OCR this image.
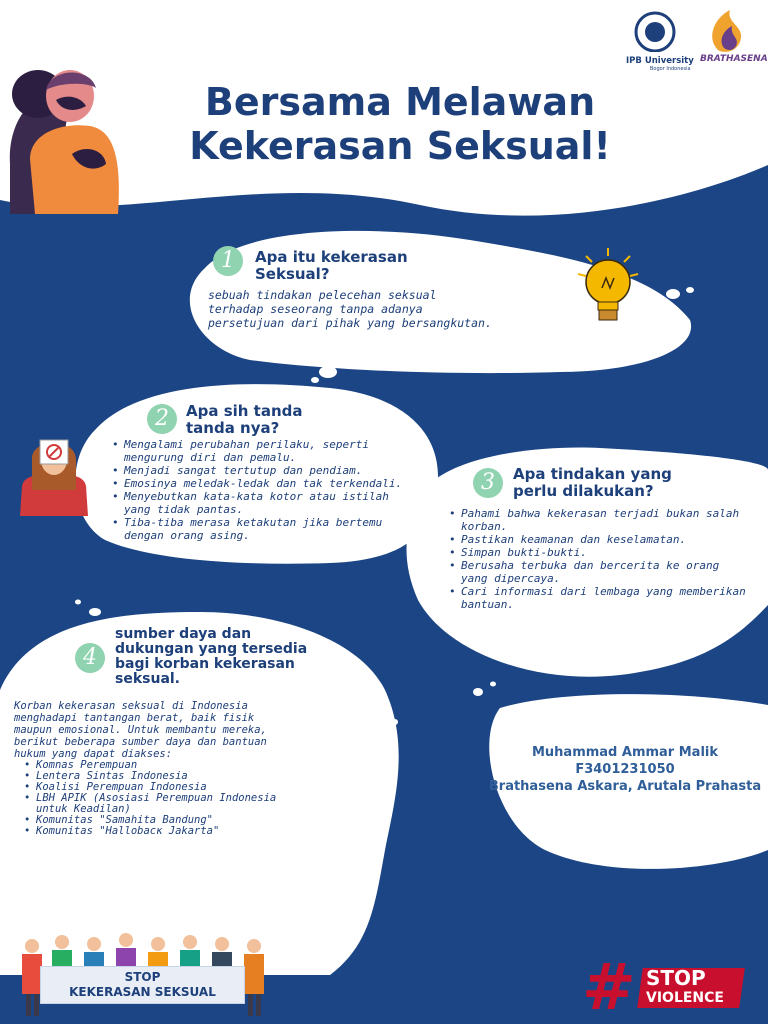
IPB University
Bogor Indonesia
BRATHASENA
Bersama Melawan
Kekerasan Seksual!
1	Apa itu kekerasan
Seksual?
sebuah tindakan pelecehan seksual
terhadap seseorang tanpa adanya
persetujuan dari pihak yang bersangkutan.
2	Apa sih tanda
tanda nya?
• Mengalami perubahan perilaku, seperti mengurung diri dan pemalu.
• Menjadi sangat tertutup dan pendiam.
• Emosinya meledak-ledak dan tak terkendali.
• Menyebutkan kata-kata kotor atau istilah yang tidak pantas.
• Tiba-tiba merasa ketakutan jika bertemu dengan orang asing.
3	Apa tindakan yang
perlu dilakukan?
• Pahami bahwa kekerasan terjadi bukan salah korban.
• Pastikan keamanan dan keselamatan.
• Simpan bukti-bukti.
• Berusaha terbuka dan bercerita ke orang yang dipercaya.
• Cari informasi dari lembaga yang memberikan bantuan.
4
sumber daya dan
dukungan yang tersedia
bagi korban kekerasan
seksual.
Korban kekerasan seksual di Indonesia
menghadapi tantangan berat, baik fisik
maupun emosional. Untuk membantu mereka,
berikut beberapa sumber daya dan bantuan
hukum yang dapat diakses:
• Komnas Perempuan
• Lentera Sintas Indonesia
• Koalisi Perempuan Indonesia
• LBH APIK (Asosiasi Perempuan Indonesia untuk Keadilan)
• Komunitas "Samahita Bandung"
• Komunitas "Hallobacк Jakarta"
Muhammad Ammar Malik
F3401231050
Brathasena Askara, Arutala Prahasta
STOP
KEKERASAN SEKSUAL	# STOP
VIOLENCE
